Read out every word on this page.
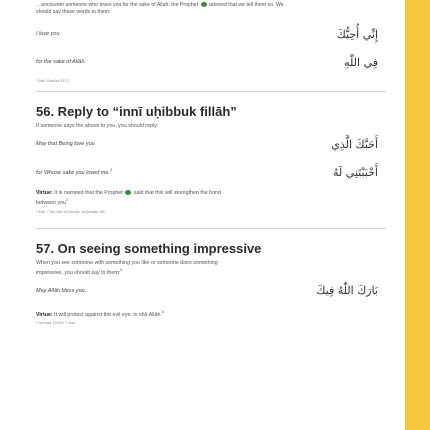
…encounter someone who loves you for the sake of Allah, the Prophet advised that we tell them so. We
should say these words to them:
I love you	إِنِّي أُحِبُّكَ
for the sake of Allāh.	فِي اللّٰهِ
¹ Abū Dāwūd 5127.
56. Reply to “innī uḥibbuk fillāh”
If someone says the above to you, you should reply:
May that Being love you	أَحَبَّكَ الَّذِي
for Whose sake you loved me.$^3$	أَحْبَبْتَنِي لَهُ
Virtue: It is narrated that the Prophet said that this will strengthen the bond
between you$^4$
³ Ibid. ⁴ Ibn Abī al-Dunyā, al-Ikhwān 68.
57. On seeing something impressive
When you see someone with something you like or someone does something
impressive, you should say to them:$^5$
May Allāh bless you.	بَارَكَ اللّٰهُ فِيكَ
Virtue: It will protect against the evil eye, in shā Allāh.$^6$
⁵ Aḥmad 15700. ⁶ Ibid.
